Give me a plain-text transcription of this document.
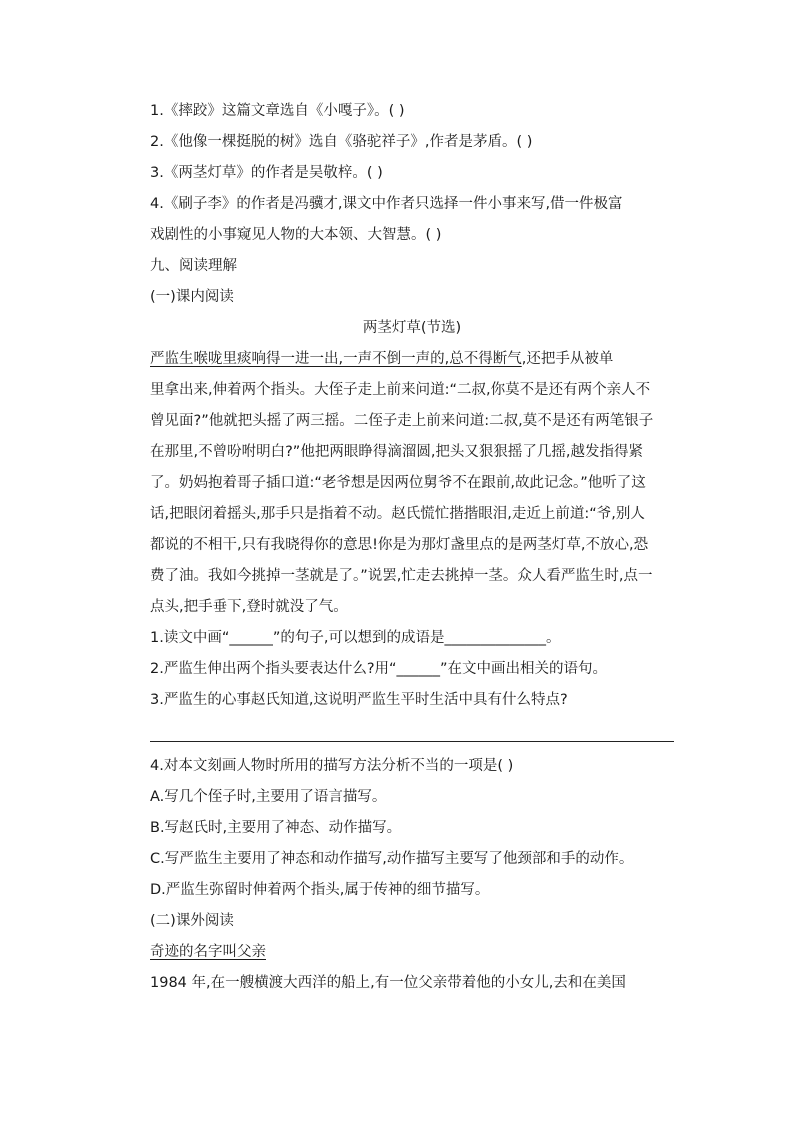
1.《摔跤》这篇文章选自《小嘎子》。( )
2.《他像一棵挺脱的树》选自《骆驼祥子》,作者是茅盾。( )
3.《两茎灯草》的作者是吴敬梓。( )
4.《刷子李》的作者是冯骥才,课文中作者只选择一件小事来写,借一件极富
戏剧性的小事窥见人物的大本领、大智慧。( )
九、阅读理解
(一)课内阅读
两茎灯草(节选)
严监生喉咙里痰响得一进一出,一声不倒一声的,总不得断气,还把手从被单
里拿出来,伸着两个指头。大侄子走上前来问道:“二叔,你莫不是还有两个亲人不
曾见面?”他就把头摇了两三摇。二侄子走上前来问道:二叔,莫不是还有两笔银子
在那里,不曾吩咐明白?”他把两眼睁得滴溜圆,把头又狠狠摇了几摇,越发指得紧
了。奶妈抱着哥子插口道:“老爷想是因两位舅爷不在跟前,故此记念。”他听了这
话,把眼闭着摇头,那手只是指着不动。赵氏慌忙揩揩眼泪,走近上前道:“爷,别人
都说的不相干,只有我晓得你的意思!你是为那灯盏里点的是两茎灯草,不放心,恐
费了油。我如今挑掉一茎就是了。”说罢,忙走去挑掉一茎。众人看严监生时,点一
点头,把手垂下,登时就没了气。
1.读文中画“______”的句子,可以想到的成语是______________。
2.严监生伸出两个指头要表达什么?用“______”在文中画出相关的语句。
3.严监生的心事赵氏知道,这说明严监生平时生活中具有什么特点?
4.对本文刻画人物时所用的描写方法分析不当的一项是( )
A.写几个侄子时,主要用了语言描写。
B.写赵氏时,主要用了神态、动作描写。
C.写严监生主要用了神态和动作描写,动作描写主要写了他颈部和手的动作。
D.严监生弥留时伸着两个指头,属于传神的细节描写。
(二)课外阅读
奇迹的名字叫父亲
1984 年,在一艘横渡大西洋的船上,有一位父亲带着他的小女儿,去和在美国
